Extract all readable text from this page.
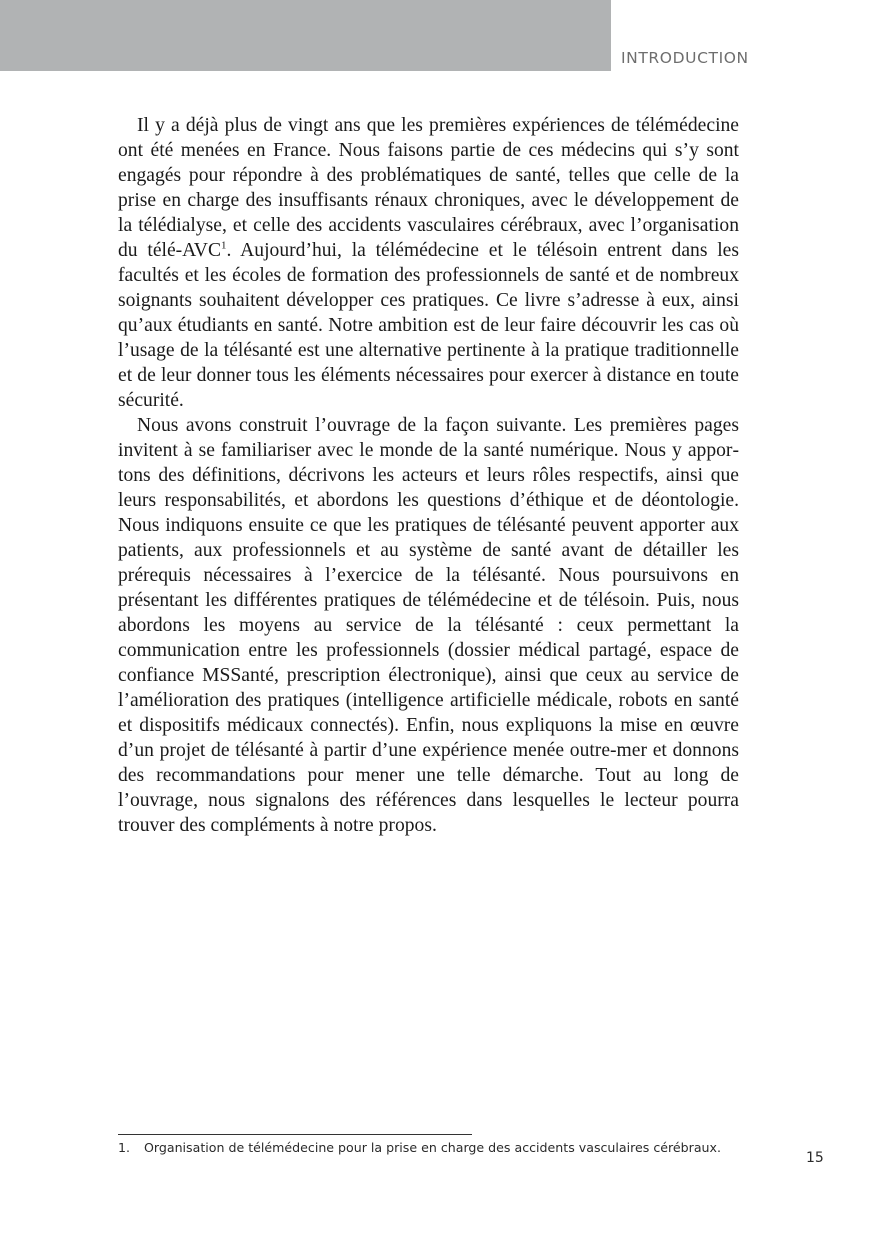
INTRODUCTION

Il y a déjà plus de vingt ans que les premières expériences de télémédecine ont été menées en France. Nous faisons partie de ces médecins qui s’y sont engagés pour répondre à des problématiques de santé, telles que celle de la prise en charge des insuffisants rénaux chroniques, avec le développement de la télédialyse, et celle des accidents vasculaires cérébraux, avec l’organisation du télé-AVC$^1$. Aujourd’hui, la télémédecine et le télésoin entrent dans les facultés et les écoles de formation des professionnels de santé et de nombreux soignants souhaitent développer ces pratiques. Ce livre s’adresse à eux, ainsi qu’aux étudiants en santé. Notre ambition est de leur faire découvrir les cas où l’usage de la télésanté est une alternative pertinente à la pratique traditionnelle et de leur donner tous les éléments nécessaires pour exercer à distance en toute sécurité.

Nous avons construit l’ouvrage de la façon suivante. Les premières pages invitent à se familiariser avec le monde de la santé numérique. Nous y apportons des définitions, décrivons les acteurs et leurs rôles respectifs, ainsi que leurs responsabilités, et abordons les questions d’éthique et de déontologie. Nous indiquons ensuite ce que les pratiques de télésanté peuvent apporter aux patients, aux professionnels et au système de santé avant de détailler les prérequis nécessaires à l’exercice de la télésanté. Nous poursuivons en présentant les différentes pratiques de télémédecine et de télésoin. Puis, nous abordons les moyens au service de la télésanté : ceux permettant la communication entre les professionnels (dossier médical partagé, espace de confiance MSSanté, prescription électronique), ainsi que ceux au service de l’amélioration des pratiques (intelligence artificielle médicale, robots en santé et dispositifs médicaux connectés). Enfin, nous expliquons la mise en œuvre d’un projet de télésanté à partir d’une expérience menée outre-mer et donnons des recommandations pour mener une telle démarche. Tout au long de l’ouvrage, nous signalons des références dans lesquelles le lecteur pourra trouver des compléments à notre propos.

1. Organisation de télémédecine pour la prise en charge des accidents vasculaires cérébraux.
15
